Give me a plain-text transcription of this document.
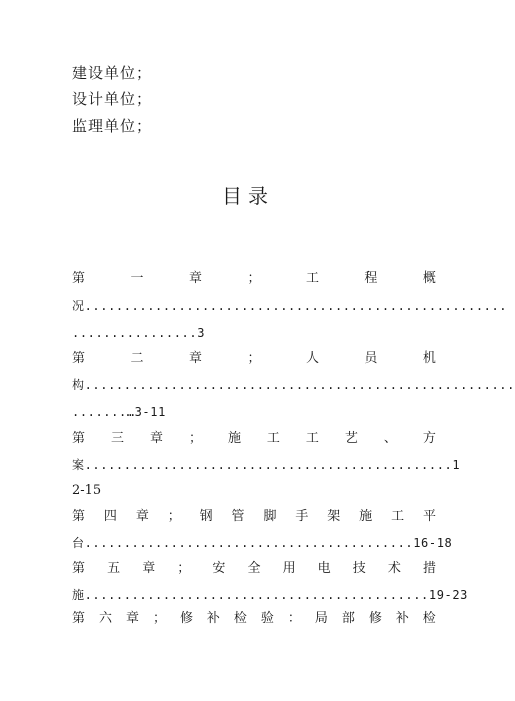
建设单位；
设计单位；
监理单位；
目录
第	一	章	；	工	程	概
况......................................................
................3
第	二	章	；	人	员	机
构.......................................................
.......…3-11
第 三 章 ； 施 工 工 艺 、 方
案...............................................1
2-15
第 四 章 ； 钢 管 脚 手 架 施 工 平
台..........................................16-18
第 五 章 ； 安 全 用 电 技 术 措
施............................................19-23
第 六 章 ； 修 补 检 验 ： 局 部 修 补 检
